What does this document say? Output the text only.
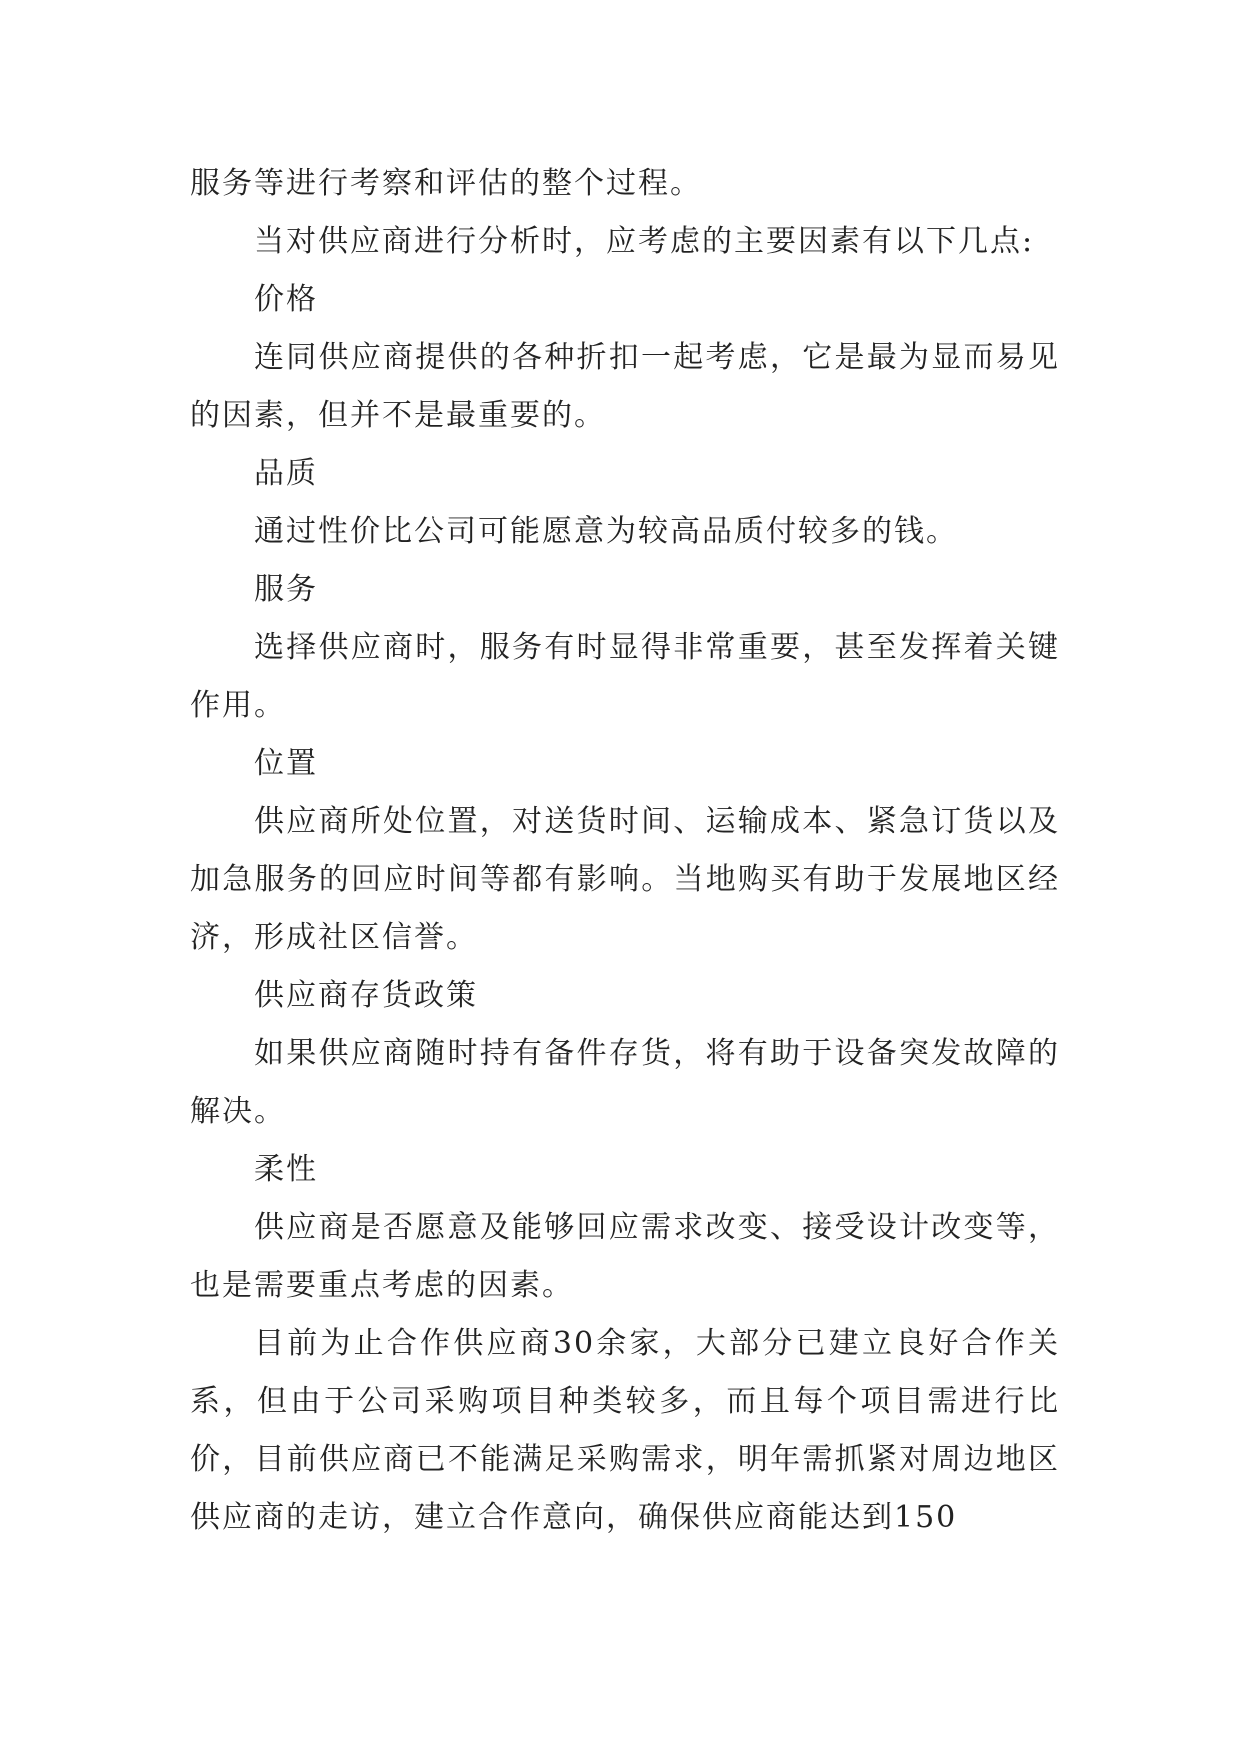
服务等进行考察和评估的整个过程。

当对供应商进行分析时，应考虑的主要因素有以下几点:

价格

连同供应商提供的各种折扣一起考虑，它是最为显而易见的因素，但并不是最重要的。

品质

通过性价比公司可能愿意为较高品质付较多的钱。

服务

选择供应商时，服务有时显得非常重要，甚至发挥着关键作用。

位置

供应商所处位置，对送货时间、运输成本、紧急订货以及加急服务的回应时间等都有影响。当地购买有助于发展地区经济，形成社区信誉。

供应商存货政策

如果供应商随时持有备件存货，将有助于设备突发故障的解决。

柔性

供应商是否愿意及能够回应需求改变、接受设计改变等，也是需要重点考虑的因素。

目前为止合作供应商30余家，大部分已建立良好合作关系，但由于公司采购项目种类较多，而且每个项目需进行比价，目前供应商已不能满足采购需求，明年需抓紧对周边地区供应商的走访，建立合作意向，确保供应商能达到150
